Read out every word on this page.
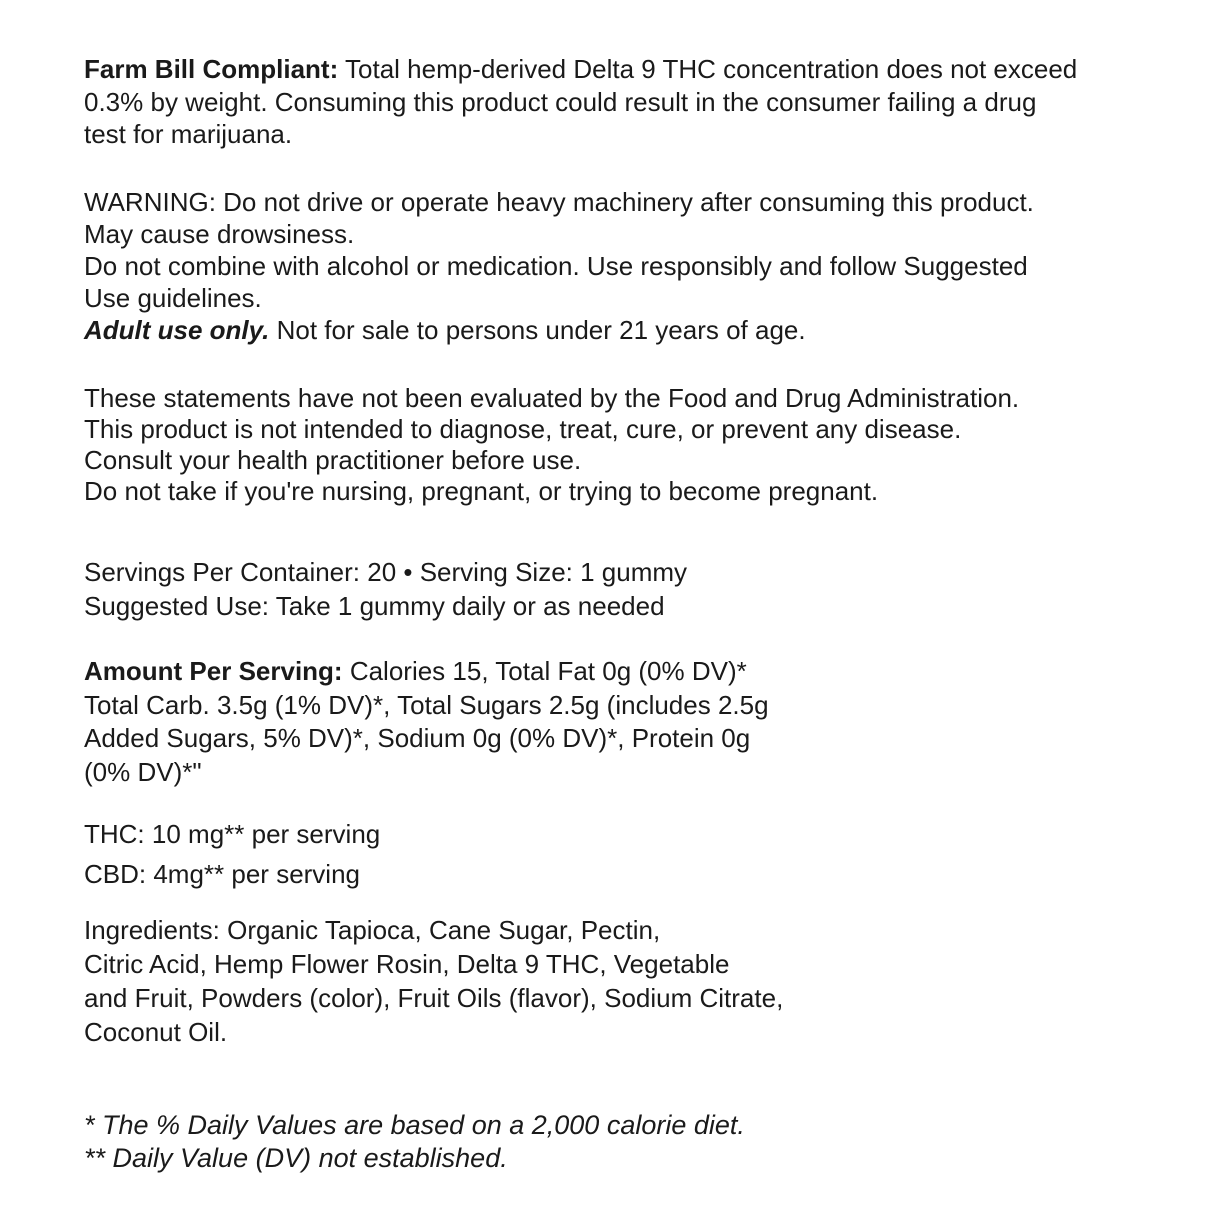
Farm Bill Compliant: Total hemp-derived Delta 9 THC concentration does not exceed
0.3% by weight. Consuming this product could result in the consumer failing a drug
test for marijuana.
WARNING: Do not drive or operate heavy machinery after consuming this product.
May cause drowsiness.
Do not combine with alcohol or medication. Use responsibly and follow Suggested
Use guidelines.
Adult use only. Not for sale to persons under 21 years of age.
These statements have not been evaluated by the Food and Drug Administration.
This product is not intended to diagnose, treat, cure, or prevent any disease.
Consult your health practitioner before use.
Do not take if you're nursing, pregnant, or trying to become pregnant.
Servings Per Container: 20 • Serving Size: 1 gummy
Suggested Use: Take 1 gummy daily or as needed
Amount Per Serving: Calories 15, Total Fat 0g (0% DV)*
Total Carb. 3.5g (1% DV)*, Total Sugars 2.5g (includes 2.5g
Added Sugars, 5% DV)*, Sodium 0g (0% DV)*, Protein 0g
(0% DV)*"
THC: 10 mg** per serving
CBD: 4mg** per serving
Ingredients: Organic Tapioca, Cane Sugar, Pectin,
Citric Acid, Hemp Flower Rosin, Delta 9 THC, Vegetable
and Fruit, Powders (color), Fruit Oils (flavor), Sodium Citrate,
Coconut Oil.
* The % Daily Values are based on a 2,000 calorie diet.
** Daily Value (DV) not established.
